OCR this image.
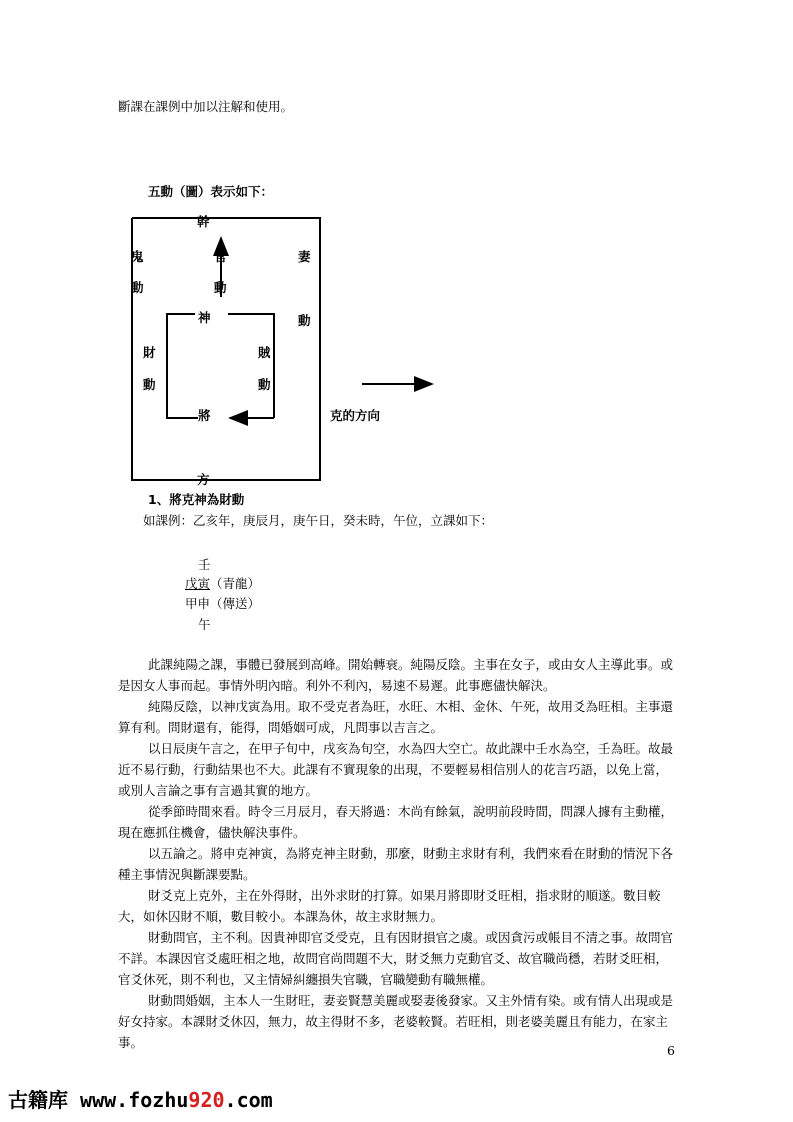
斷課在課例中加以注解和使用。
五動（圖）表示如下：
幹
鬼
動
官
動
妻
動
神
財
動
賊
動
將	克的方向
方
1、將克神為財動
如課例：乙亥年，庚辰月，庚午日，癸未時，午位，立課如下：
壬
戊寅（青龍）
甲申（傳送）
午

此課純陽之課，事體已發展到高峰。開始轉衰。純陽反陰。主事在女子，或由女人主導此事。或是因女人事而起。事情外明內暗。利外不利內，易速不易遲。此事應儘快解決。

純陽反陰，以神戊寅為用。取不受克者為旺，水旺、木相、金休、午死，故用爻為旺相。主事還算有利。問財還有，能得，問婚姻可成，凡問事以吉言之。

以日辰庚午言之，在甲子旬中，戌亥為旬空，水為四大空亡。故此課中壬水為空，壬為旺。故最近不易行動，行動結果也不大。此課有不實現象的出現，不要輕易相信別人的花言巧語，以免上當，或別人言論之事有言過其實的地方。

從季節時間來看。時令三月辰月，春天將過：木尚有餘氣，說明前段時間，問課人據有主動權，現在應抓住機會，儘快解決事件。

以五論之。將申克神寅，為將克神主財動，那麼，財動主求財有利，我們來看在財動的情況下各種主事情況與斷課要點。

財爻克上克外，主在外得財，出外求財的打算。如果月將即財爻旺相，指求財的順遂。數目較大，如休囚財不順，數目較小。本課為休，故主求財無力。

財動問官，主不利。因貴神即官爻受克，且有因財損官之虞。或因貪污或帳目不清之事。故問官不詳。本課因官爻處旺相之地，故問官尚問題不大，財爻無力克動官爻、故官職尚穩，若財爻旺相，官爻休死，則不利也，又主情婦糾纏損失官職，官職變動有職無權。

財動問婚姻，主本人一生財旺，妻妾賢慧美麗或娶妻後發家。又主外情有染。或有情人出現或是好女持家。本課財爻休囚，無力，故主得財不多，老婆較賢。若旺相，則老婆美麗且有能力，在家主事。

6
古籍库 www.fozhu920.com
